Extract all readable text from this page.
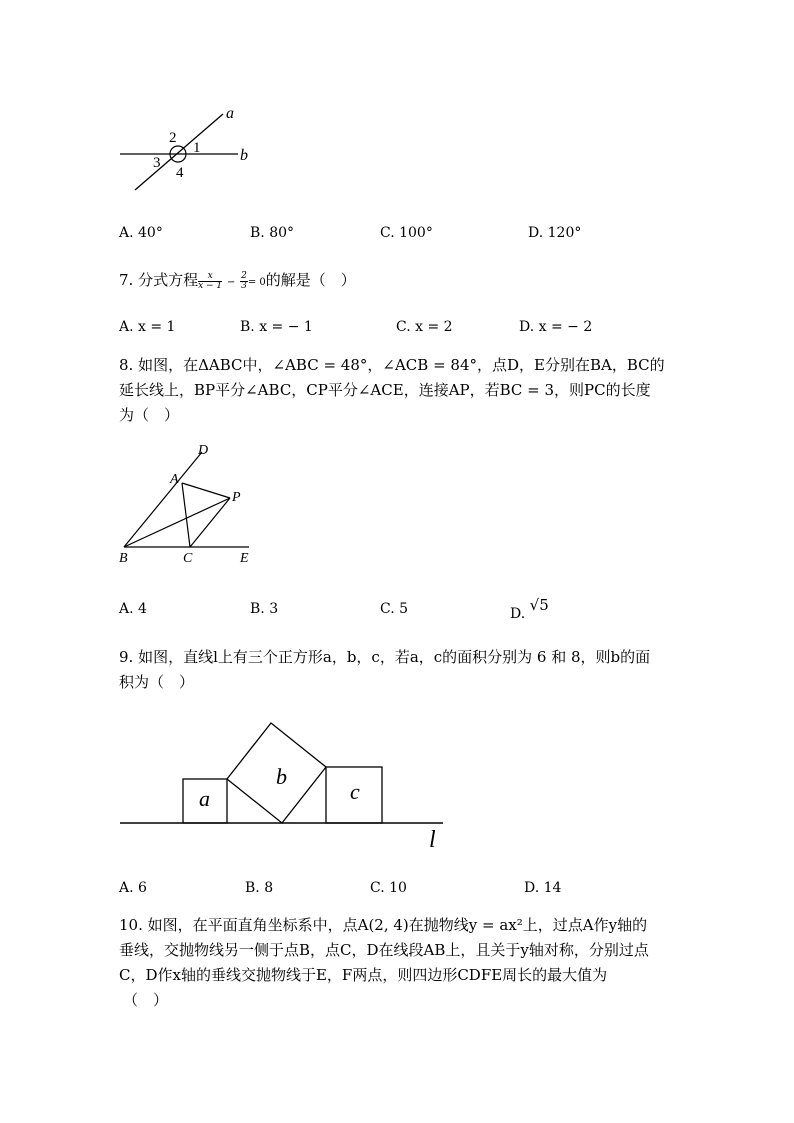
a
b
1
2
3
4
A. 40°	B. 80°	C. 100°	D. 120°
7. 分式方程 $\frac{x}{x - 1} - \frac{2}{3} = 0$的解是（　）
A. x = 1	B. x = − 1	C. x = 2	D. x = − 2
8. 如图，在ΔABC中，∠ABC = 48°，∠ACB = 84°，点D，E分别在BA，BC的
延长线上，BP平分∠ABC，CP平分∠ACE，连接AP，若BC = 3，则PC的长度
为（　）
D
A
P
B	C	E
A. 4	B. 3	C. 5	D. √5
9. 如图，直线l上有三个正方形a，b，c，若a，c的面积分别为 6 和 8，则b的面
积为（　）
a
b
c
l
A. 6	B. 8	C. 10	D. 14
10. 如图，在平面直角坐标系中，点A(2, 4)在抛物线y = ax²上，过点A作y轴的
垂线，交抛物线另一侧于点B，点C，D在线段AB上，且关于y轴对称，分别过点
C，D作x轴的垂线交抛物线于E，F两点，则四边形CDFE周长的最大值为
（　）
